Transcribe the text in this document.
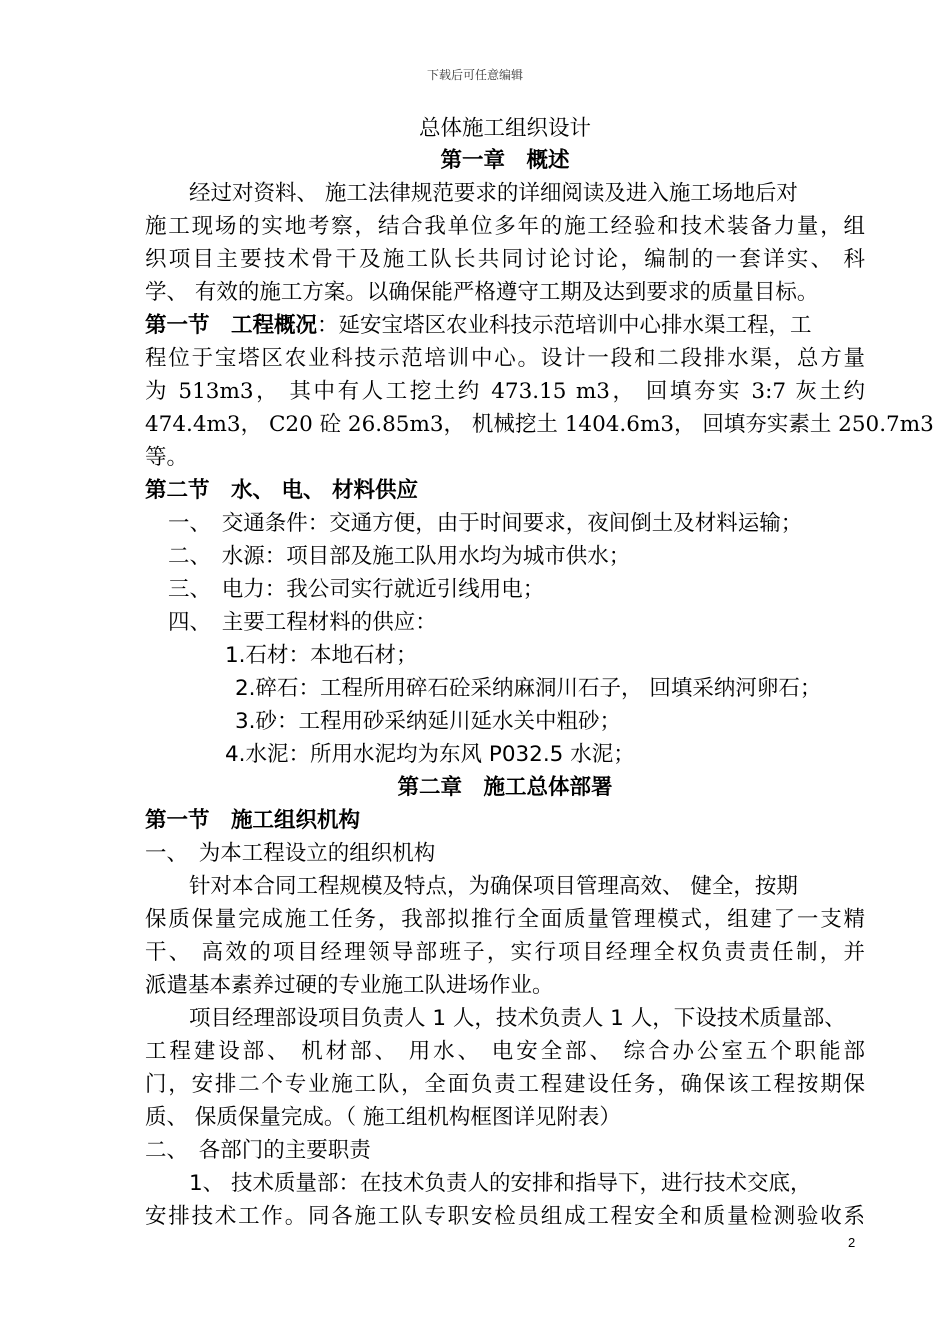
下载后可任意编辑
总体施工组织设计
第一章　概述
经过对资料、 施工法律规范要求的详细阅读及进入施工场地后对
施工现场的实地考察，结合我单位多年的施工经验和技术装备力量，组
织项目主要技术骨干及施工队长共同讨论讨论，编制的一套详实、 科
学、 有效的施工方案。以确保能严格遵守工期及达到要求的质量目标。
第一节　工程概况：延安宝塔区农业科技示范培训中心排水渠工程，工
程位于宝塔区农业科技示范培训中心。设计一段和二段排水渠，总方量
为 513m3， 其中有人工挖土约 473.15 m3， 回填夯实 3:7 灰土约
474.4m3， C20 砼 26.85m3， 机械挖土 1404.6m3， 回填夯实素土 250.7m3
等。
第二节　水、 电、 材料供应
一、　交通条件：交通方便，由于时间要求，夜间倒土及材料运输；
二、　水源：项目部及施工队用水均为城市供水；
三、　电力：我公司实行就近引线用电；
四、　主要工程材料的供应：
1.石材：本地石材；
2.碎石：工程所用碎石砼采纳麻洞川石子， 回填采纳河卵石；
3.砂：工程用砂采纳延川延水关中粗砂；
4.水泥：所用水泥均为东风 P032.5 水泥；
第二章　施工总体部署
第一节　施工组织机构
一、　为本工程设立的组织机构
针对本合同工程规模及特点，为确保项目管理高效、 健全，按期
保质保量完成施工任务，我部拟推行全面质量管理模式，组建了一支精
干、 高效的项目经理领导部班子，实行项目经理全权负责责任制，并
派遣基本素养过硬的专业施工队进场作业。
项目经理部设项目负责人 1 人，技术负责人 1 人，下设技术质量部、
工程建设部、 机材部、 用水、 电安全部、 综合办公室五个职能部
门，安排二个专业施工队，全面负责工程建设任务，确保该工程按期保
质、 保质保量完成。（ 施工组机构框图详见附表）
二、　各部门的主要职责
1、 技术质量部：在技术负责人的安排和指导下，进行技术交底，
安排技术工作。同各施工队专职安检员组成工程安全和质量检测验收系
2
